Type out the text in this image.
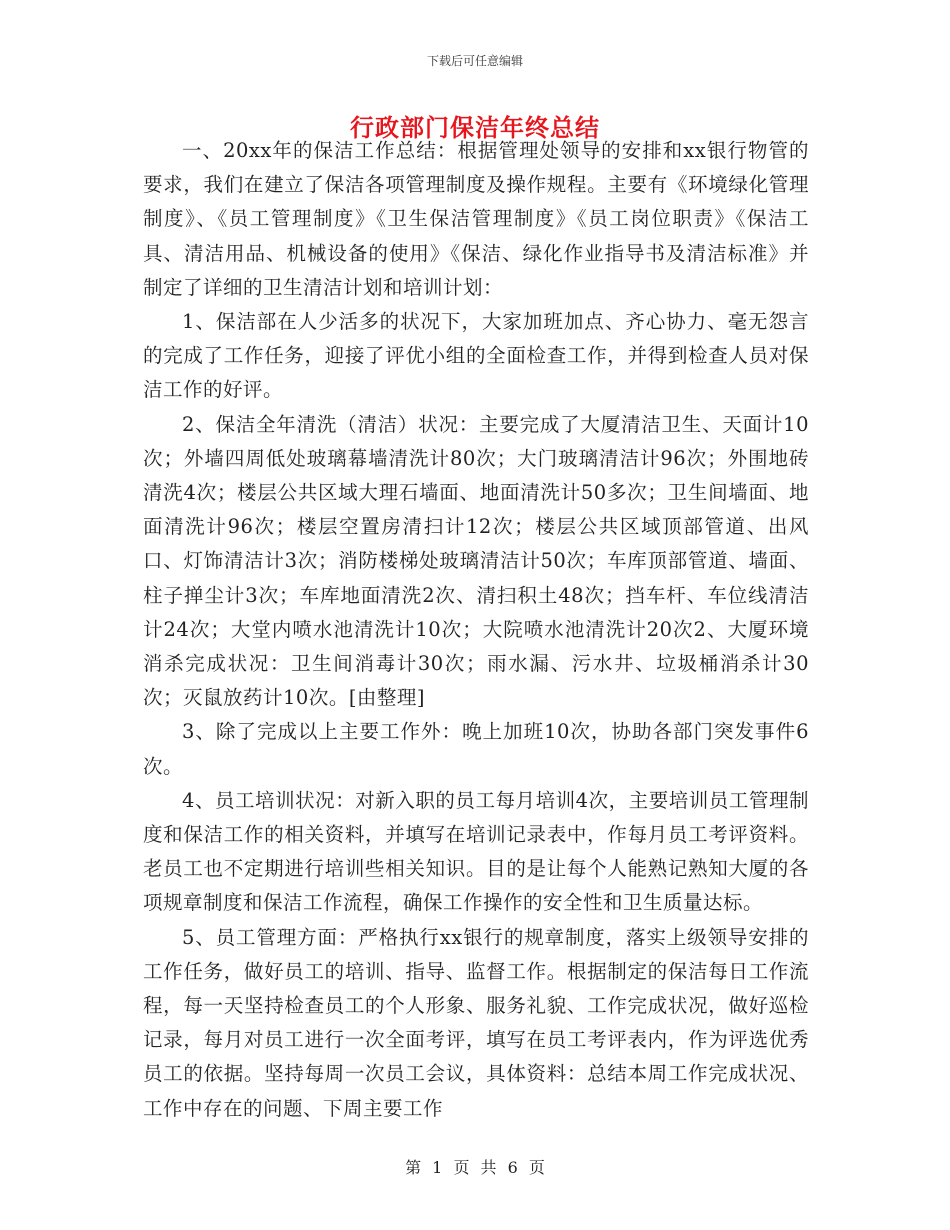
下载后可任意编辑
行政部门保洁年终总结

一、20xx年的保洁工作总结：根据管理处领导的安排和xx银行物管的要求，我们在建立了保洁各项管理制度及操作规程。主要有《环境绿化管理制度》、《员工管理制度》《卫生保洁管理制度》《员工岗位职责》《保洁工具、清洁用品、机械设备的使用》《保洁、绿化作业指导书及清洁标准》并制定了详细的卫生清洁计划和培训计划：

1、保洁部在人少活多的状况下，大家加班加点、齐心协力、毫无怨言的完成了工作任务，迎接了评优小组的全面检查工作，并得到检查人员对保洁工作的好评。

2、保洁全年清洗（清洁）状况：主要完成了大厦清洁卫生、天面计10次；外墙四周低处玻璃幕墙清洗计80次；大门玻璃清洁计96次；外围地砖清洗4次；楼层公共区域大理石墙面、地面清洗计50多次；卫生间墙面、地面清洗计96次；楼层空置房清扫计12次；楼层公共区域顶部管道、出风口、灯饰清洁计3次；消防楼梯处玻璃清洁计50次；车库顶部管道、墙面、柱子掸尘计3次；车库地面清洗2次、清扫积土48次；挡车杆、车位线清洁计24次；大堂内喷水池清洗计10次；大院喷水池清洗计20次2、大厦环境消杀完成状况：卫生间消毒计30次；雨水漏、污水井、垃圾桶消杀计30次；灭鼠放药计10次。[由整理]

3、除了完成以上主要工作外：晚上加班10次，协助各部门突发事件6次。

4、员工培训状况：对新入职的员工每月培训4次，主要培训员工管理制度和保洁工作的相关资料，并填写在培训记录表中，作每月员工考评资料。老员工也不定期进行培训些相关知识。目的是让每个人能熟记熟知大厦的各项规章制度和保洁工作流程，确保工作操作的安全性和卫生质量达标。

5、员工管理方面：严格执行xx银行的规章制度，落实上级领导安排的工作任务，做好员工的培训、指导、监督工作。根据制定的保洁每日工作流程，每一天坚持检查员工的个人形象、服务礼貌、工作完成状况，做好巡检记录，每月对员工进行一次全面考评，填写在员工考评表内，作为评选优秀员工的依据。坚持每周一次员工会议，具体资料：总结本周工作完成状况、工作中存在的问题、下周主要工作

第 1 页 共 6 页
